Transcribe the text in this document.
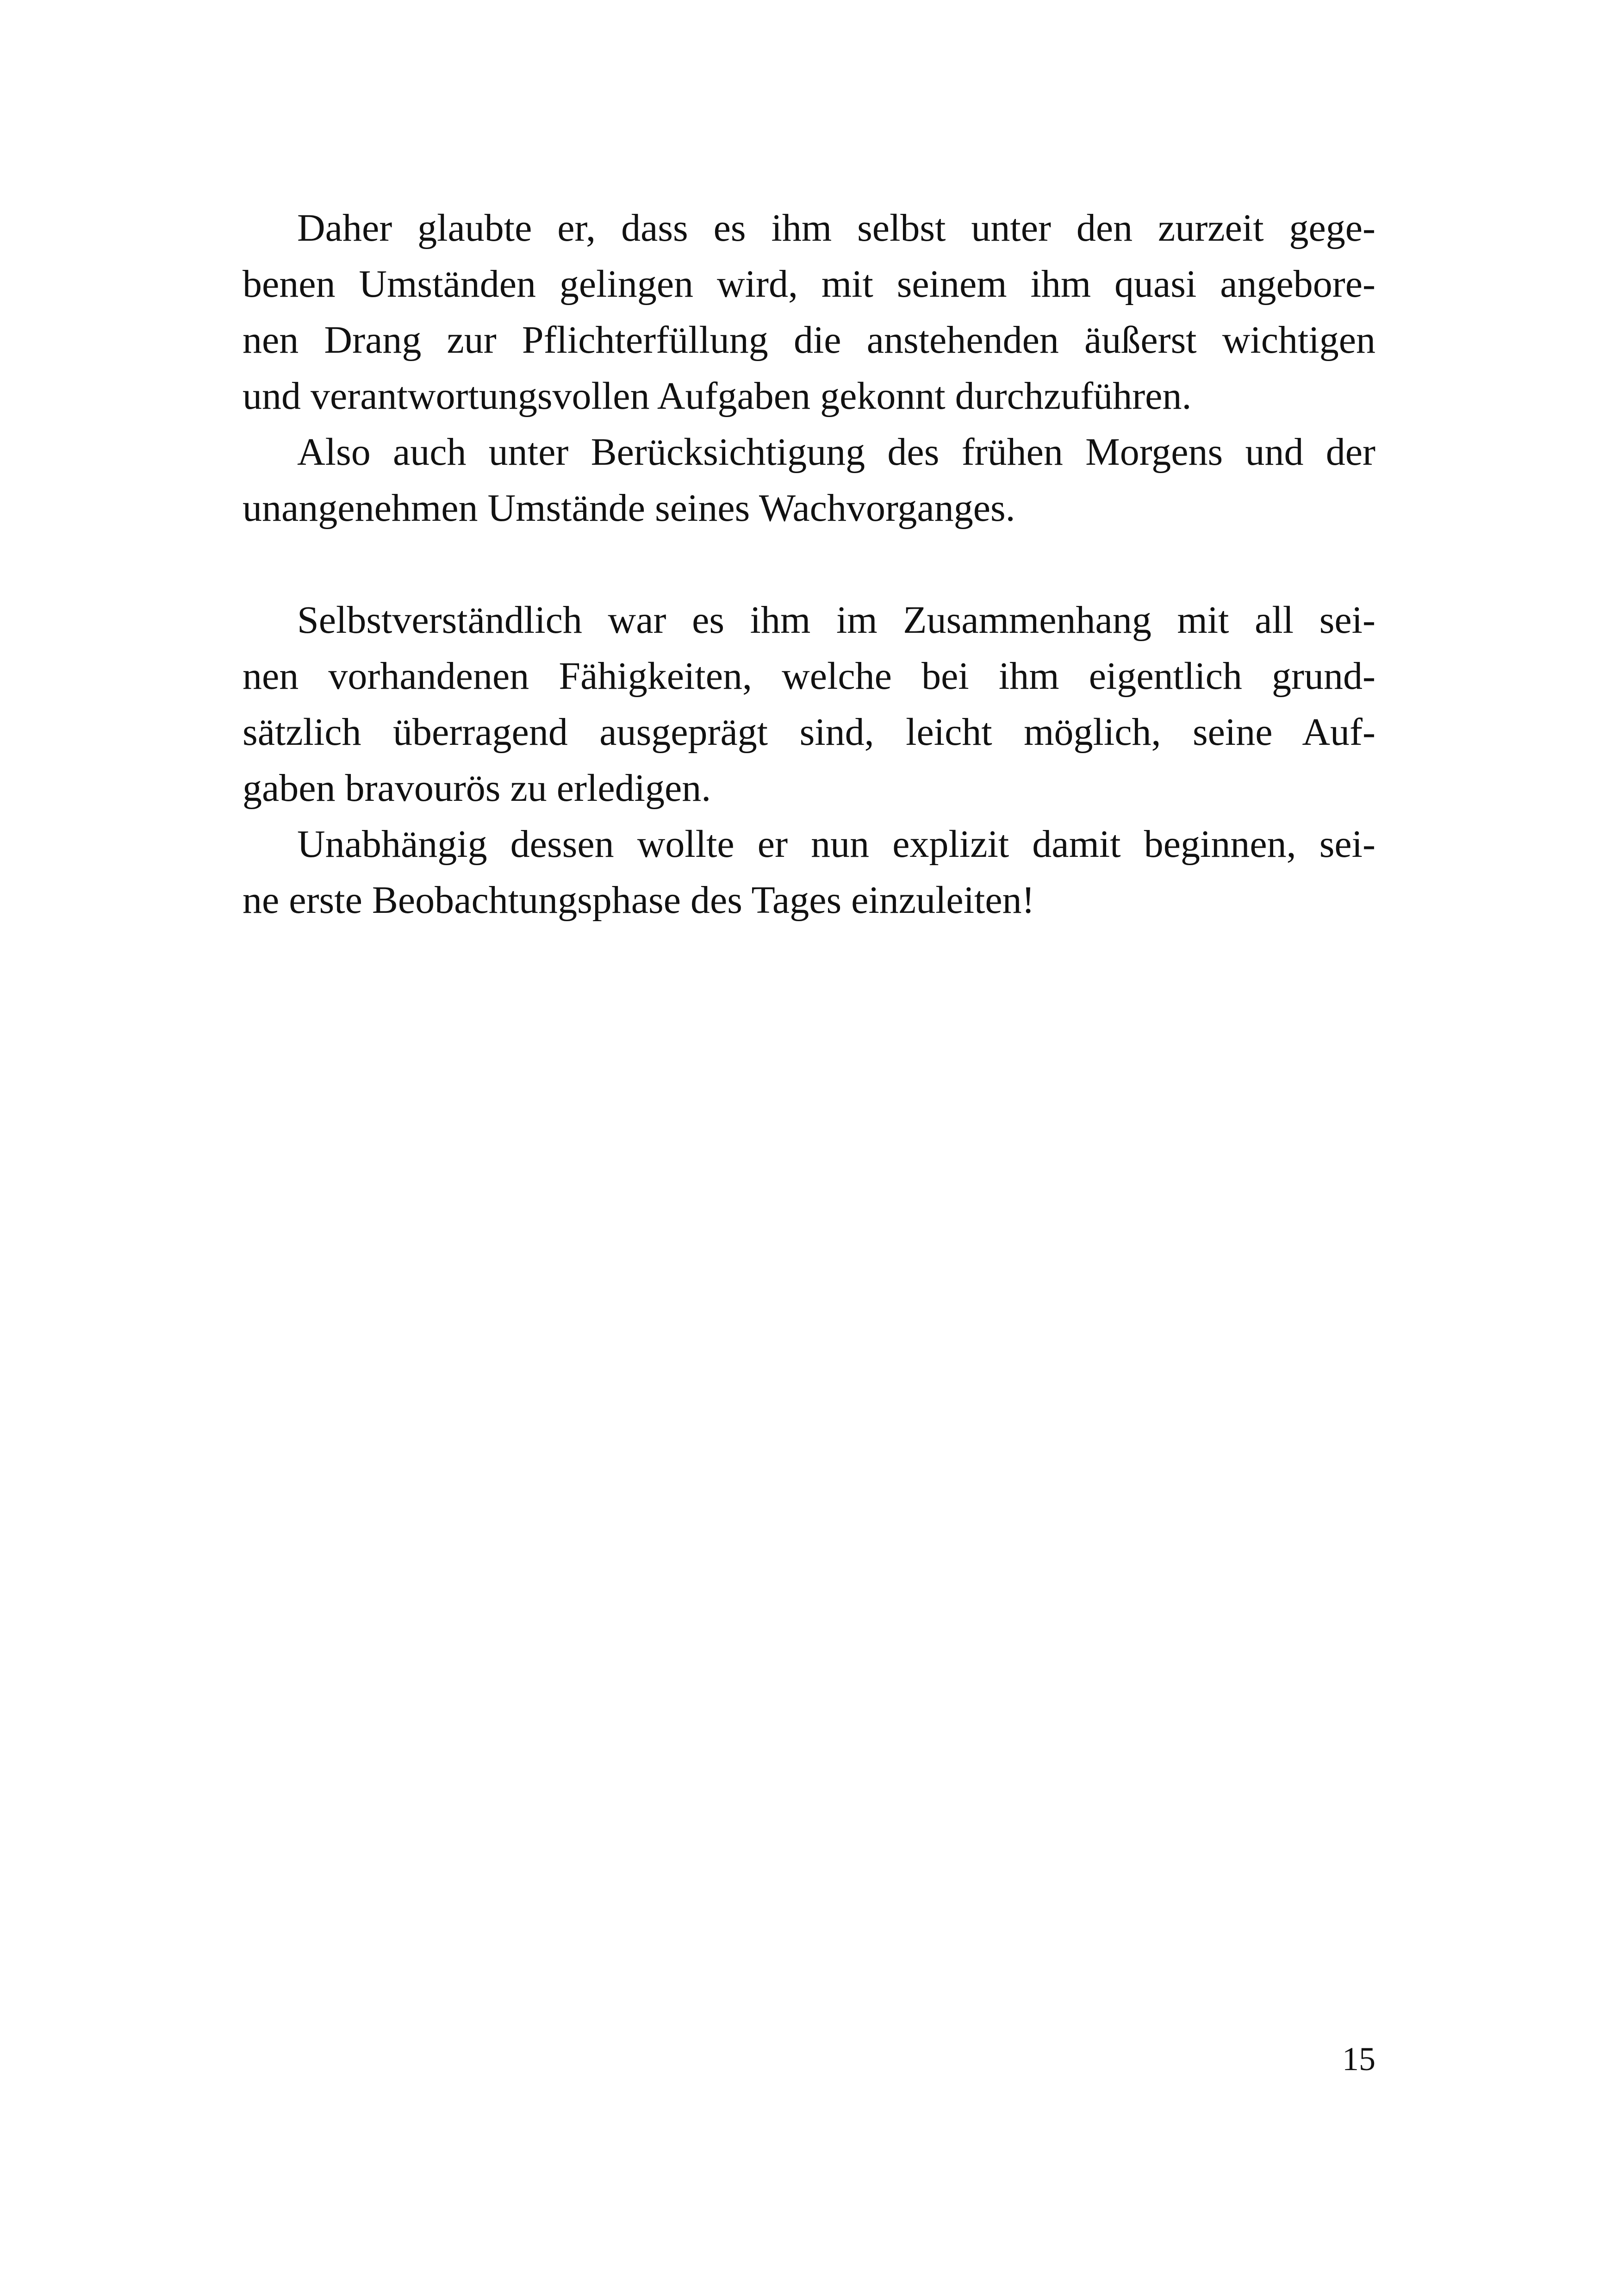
Daher glaubte er, dass es ihm selbst unter den zurzeit gege-
benen Umständen gelingen wird, mit seinem ihm quasi angebore-
nen Drang zur Pflichterfüllung die anstehenden äußerst wichtigen
und verantwortungsvollen Aufgaben gekonnt durchzuführen.
Also auch unter Berücksichtigung des frühen Morgens und der
unangenehmen Umstände seines Wachvorganges.
Selbstverständlich war es ihm im Zusammenhang mit all sei-
nen vorhandenen Fähigkeiten, welche bei ihm eigentlich grund-
sätzlich überragend ausgeprägt sind, leicht möglich, seine Auf-
gaben bravourös zu erledigen.
Unabhängig dessen wollte er nun explizit damit beginnen, sei-
ne erste Beobachtungsphase des Tages einzuleiten!
15
